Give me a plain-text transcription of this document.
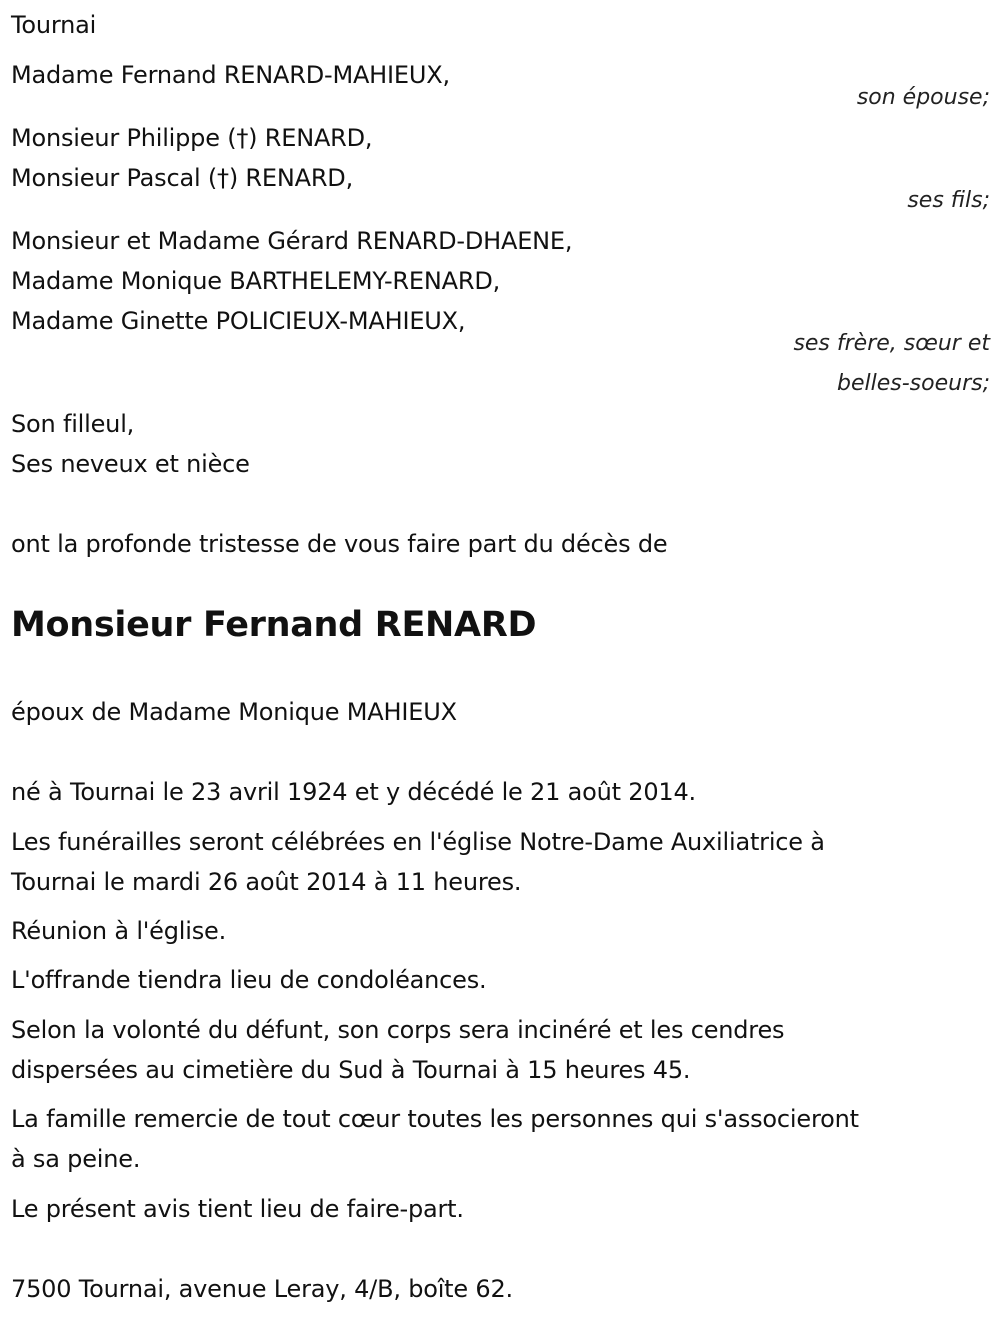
Tournai
Madame Fernand RENARD-MAHIEUX,
son épouse;
Monsieur Philippe (†) RENARD,
Monsieur Pascal (†) RENARD,
ses fils;
Monsieur et Madame Gérard RENARD-DHAENE,
Madame Monique BARTHELEMY-RENARD,
Madame Ginette POLICIEUX-MAHIEUX,
ses frère, sœur et
belles-soeurs;
Son filleul,
Ses neveux et nièce
ont la profonde tristesse de vous faire part du décès de
Monsieur Fernand RENARD
époux de Madame Monique MAHIEUX
né à Tournai le 23 avril 1924 et y décédé le 21 août 2014.
Les funérailles seront célébrées en l'église Notre-Dame Auxiliatrice à
Tournai le mardi 26 août 2014 à 11 heures.
Réunion à l'église.
L'offrande tiendra lieu de condoléances.
Selon la volonté du défunt, son corps sera incinéré et les cendres
dispersées au cimetière du Sud à Tournai à 15 heures 45.
La famille remercie de tout cœur toutes les personnes qui s'associeront
à sa peine.
Le présent avis tient lieu de faire-part.
7500 Tournai, avenue Leray, 4/B, boîte 62.
